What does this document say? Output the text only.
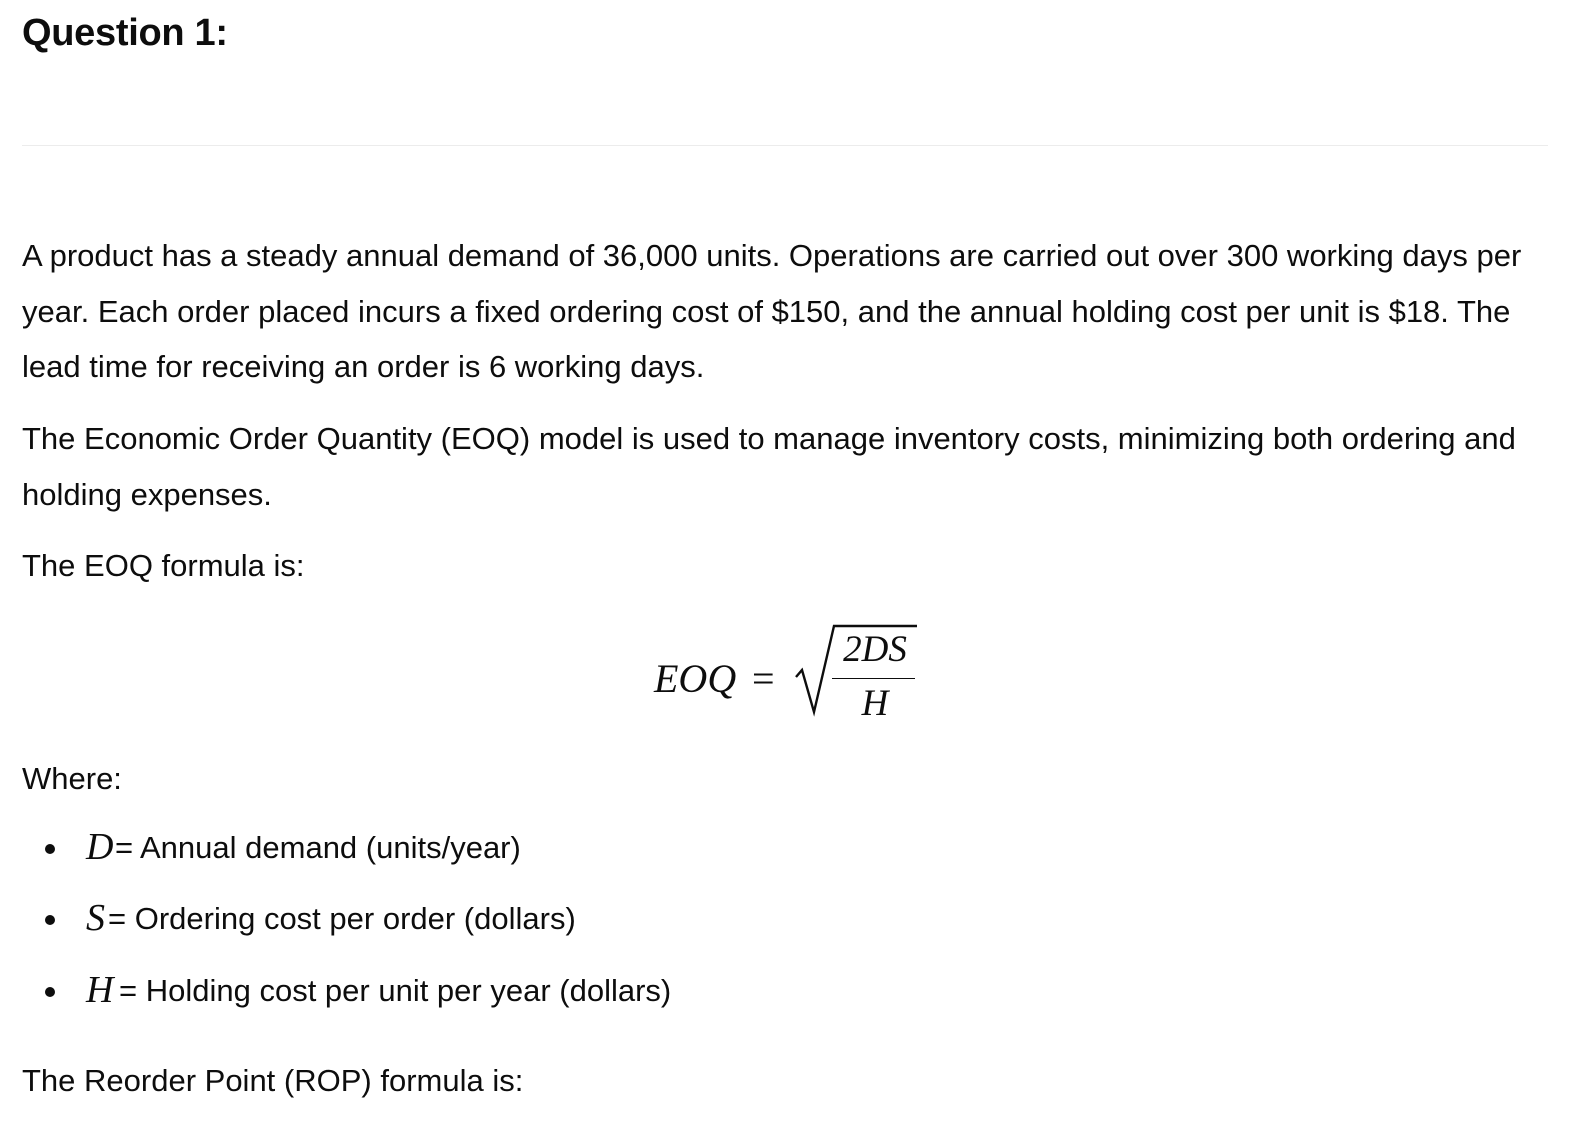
Question 1:

A product has a steady annual demand of 36,000 units. Operations are carried out over 300 working days per year. Each order placed incurs a fixed ordering cost of $150, and the annual holding cost per unit is $18. The lead time for receiving an order is 6 working days.

The Economic Order Quantity (EOQ) model is used to manage inventory costs, minimizing both ordering and holding expenses.

The EOQ formula is:

EOQ =
2DS
H

Where:

D = Annual demand (units/year)
S = Ordering cost per order (dollars)
H = Holding cost per unit per year (dollars)

The Reorder Point (ROP) formula is:
